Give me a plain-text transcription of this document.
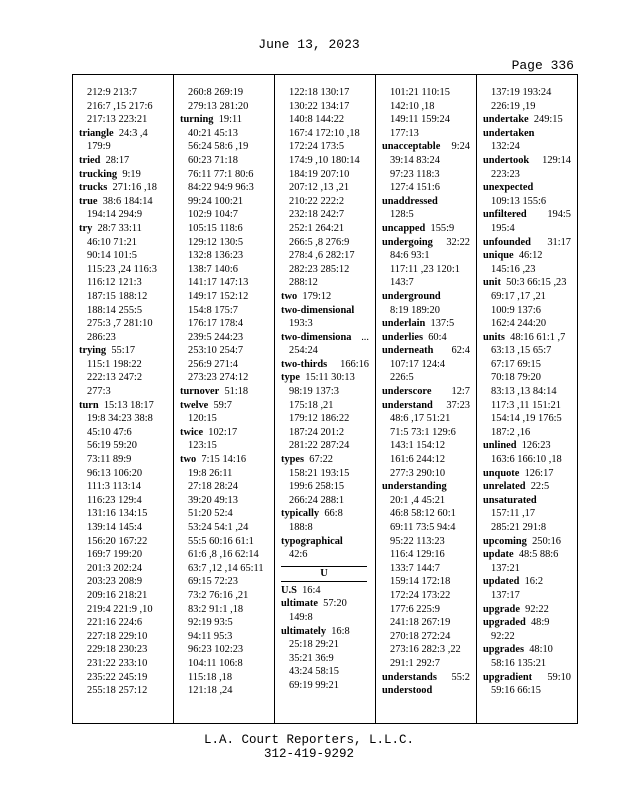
June 13, 2023
Page 336
212:9 213:7
216:7 ,15 217:6
217:13 223:21
triangle 24:3 ,4
179:9
tried 28:17
trucking 9:19
trucks 271:16 ,18
true 38:6 184:14
194:14 294:9
try 28:7 33:11
46:10 71:21
90:14 101:5
115:23 ,24 116:3
116:12 121:3
187:15 188:12
188:14 255:5
275:3 ,7 281:10
286:23
trying 55:17
115:1 198:22
222:13 247:2
277:3
turn 15:13 18:17
19:8 34:23 38:8
45:10 47:6
56:19 59:20
73:11 89:9
96:13 106:20
111:3 113:14
116:23 129:4
131:16 134:15
139:14 145:4
156:20 167:22
169:7 199:20
201:3 202:24
203:23 208:9
209:16 218:21
219:4 221:9 ,10
221:16 224:6
227:18 229:10
229:18 230:23
231:22 233:10
235:22 245:19
255:18 257:12
260:8 269:19
279:13 281:20
turning 19:11
40:21 45:13
56:24 58:6 ,19
60:23 71:18
76:11 77:1 80:6
84:22 94:9 96:3
99:24 100:21
102:9 104:7
105:15 118:6
129:12 130:5
132:8 136:23
138:7 140:6
141:17 147:13
149:17 152:12
154:8 175:7
176:17 178:4
239:5 244:23
253:10 254:7
256:9 271:4
273:23 274:12
turnover 51:18
twelve 59:7
120:15
twice 102:17
123:15
two 7:15 14:16
19:8 26:11
27:18 28:24
39:20 49:13
51:20 52:4
53:24 54:1 ,24
55:5 60:16 61:1
61:6 ,8 ,16 62:14
63:7 ,12 ,14 65:11
69:15 72:23
73:2 76:16 ,21
83:2 91:1 ,18
92:19 93:5
94:11 95:3
96:23 102:23
104:11 106:8
115:18 ,18
121:18 ,24
122:18 130:17
130:22 134:17
140:8 144:22
167:4 172:10 ,18
172:24 173:5
174:9 ,10 180:14
184:19 207:10
207:12 ,13 ,21
210:22 222:2
232:18 242:7
252:1 264:21
266:5 ,8 276:9
278:4 ,6 282:17
282:23 285:12
288:12
two 179:12
two-dimensional
193:3
two-dimensiona ...
254:24
two-thirds 166:16
type 15:11 30:13
98:19 137:3
175:18 ,21
179:12 186:22
187:24 201:2
281:22 287:24
types 67:22
158:21 193:15
199:6 258:15
266:24 288:1
typically 66:8
188:8
typographical
42:6
U
U.S 16:4
ultimate 57:20
149:8
ultimately 16:8
25:18 29:21
35:21 36:9
43:24 58:15
69:19 99:21
101:21 110:15
142:10 ,18
149:11 159:24
177:13
unacceptable 9:24
39:14 83:24
97:23 118:3
127:4 151:6
unaddressed
128:5
uncapped 155:9
undergoing 32:22
84:6 93:1
117:11 ,23 120:1
143:7
underground
8:19 189:20
underlain 137:5
underlies 60:4
underneath 62:4
107:17 124:4
226:5
underscore 12:7
understand 37:23
48:6 ,17 51:21
71:5 73:1 129:6
143:1 154:12
161:6 244:12
277:3 290:10
understanding
20:1 ,4 45:21
46:8 58:12 60:1
69:11 73:5 94:4
95:22 113:23
116:4 129:16
133:7 144:7
159:14 172:18
172:24 173:22
177:6 225:9
241:18 267:19
270:18 272:24
273:16 282:3 ,22
291:1 292:7
understands 55:2
understood
137:19 193:24
226:19 ,19
undertake 249:15
undertaken
132:24
undertook 129:14
223:23
unexpected
109:13 155:6
unfiltered 194:5
195:4
unfounded 31:17
unique 46:12
145:16 ,23
unit 50:3 66:15 ,23
69:17 ,17 ,21
100:9 137:6
162:4 244:20
units 48:16 61:1 ,7
63:13 ,15 65:7
67:17 69:15
70:18 79:20
83:13 ,13 84:14
117:3 ,11 151:21
154:14 ,19 176:5
187:2 ,16
unlined 126:23
163:6 166:10 ,18
unquote 126:17
unrelated 22:5
unsaturated
157:11 ,17
285:21 291:8
upcoming 250:16
update 48:5 88:6
137:21
updated 16:2
137:17
upgrade 92:22
upgraded 48:9
92:22
upgrades 48:10
58:16 135:21
upgradient 59:10
59:16 66:15
L.A. Court Reporters, L.L.C.
312-419-9292
